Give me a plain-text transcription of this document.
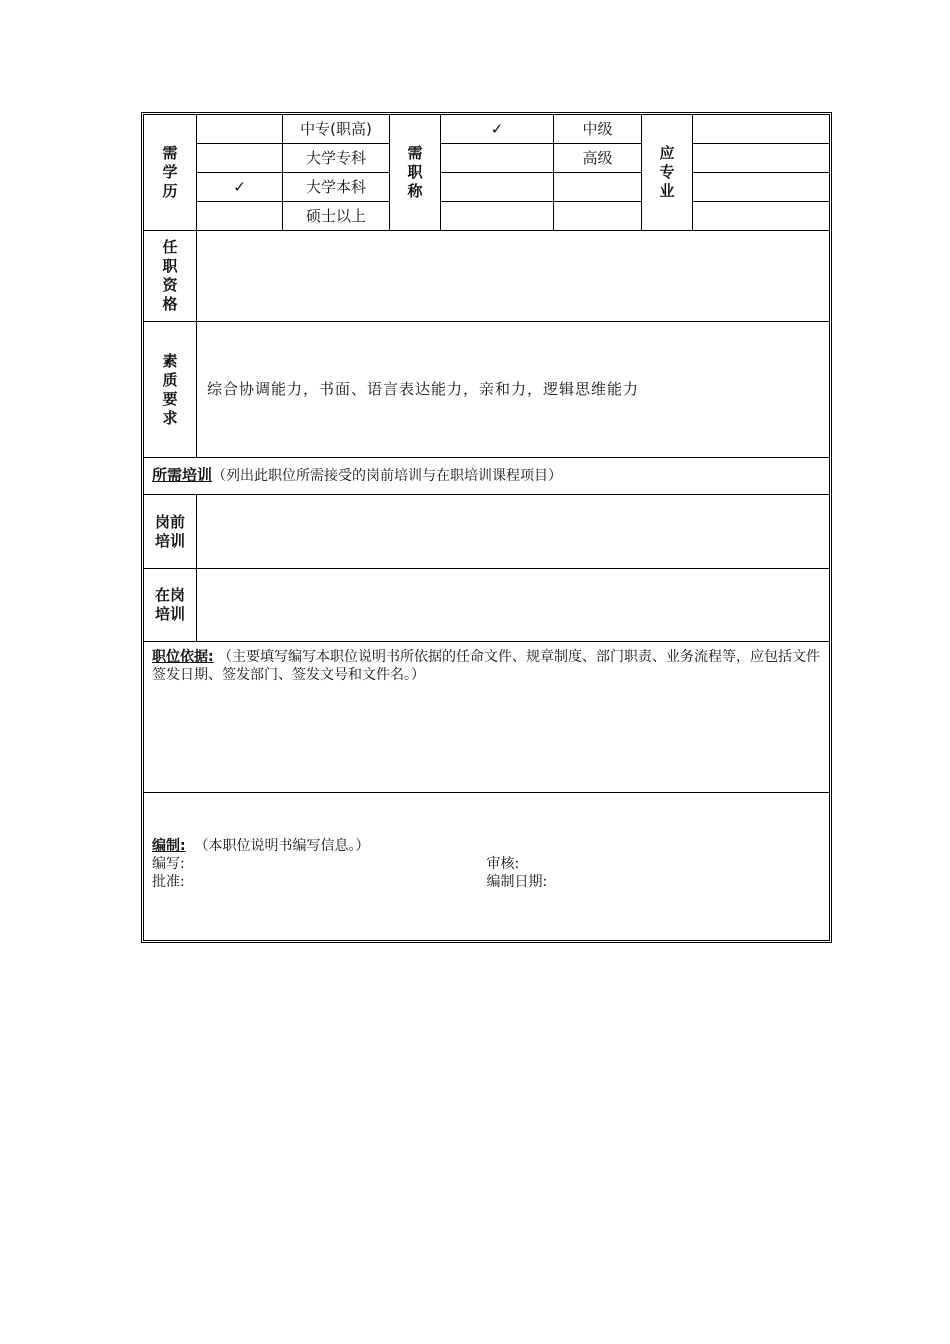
需学历		中专(职高)	需职称	✓	中级	应专业	
		大学专科			高级		
	✓	大学本科					
		硕士以上					
任职资格							
素质要求	综合协调能力，书面、语言表达能力，亲和力，逻辑思维能力						
所需培训（列出此职位所需接受的岗前培训与在职培训课程项目）							
岗前培训							
在岗培训							
职位依据: （主要填写编写本职位说明书所依据的任命文件、规章制度、部门职责、业务流程等，应包括文件签发日期、签发部门、签发文号和文件名。）							

编制: （本职位说明书编写信息。）
编写: 审核:
批准: 编制日期:							
